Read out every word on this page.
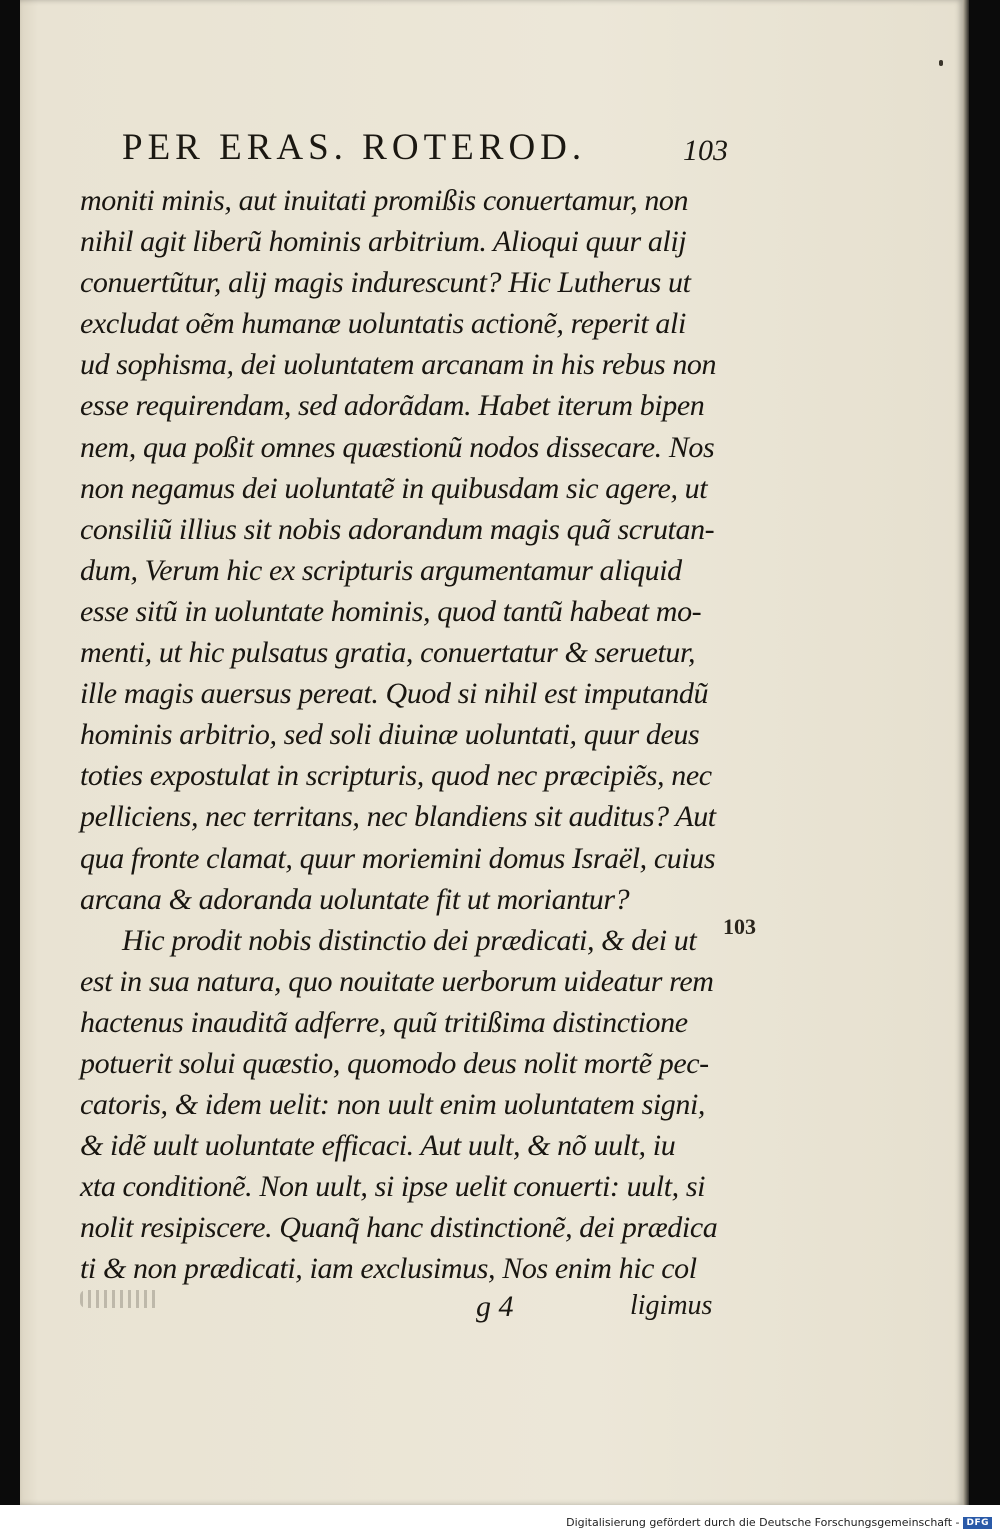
PER ERAS. ROTEROD.	103
moniti minis, aut inuitati promißis conuertamur, non
nihil agit liberũ hominis arbitrium. Alioqui quur alij
conuertũtur, alij magis indurescunt? Hic Lutherus ut
excludat oẽm humanæ uoluntatis actionẽ, reperit ali
ud sophisma, dei uoluntatem arcanam in his rebus non
esse requirendam, sed adorãdam. Habet iterum bipen
nem, qua poßit omnes quæstionũ nodos dissecare. Nos
non negamus dei uoluntatẽ in quibusdam sic agere, ut
consiliũ illius sit nobis adorandum magis quã scrutan-
dum, Verum hic ex scripturis argumentamur aliquid
esse sitũ in uoluntate hominis, quod tantũ habeat mo-
menti, ut hic pulsatus gratia, conuertatur & seruetur,
ille magis auersus pereat. Quod si nihil est imputandũ
hominis arbitrio, sed soli diuinæ uoluntati, quur deus
toties expostulat in scripturis, quod nec præcipiẽs, nec
pelliciens, nec territans, nec blandiens sit auditus? Aut
qua fronte clamat, quur moriemini domus Israël, cuius
arcana & adoranda uoluntate fit ut moriantur?
Hic prodit nobis distinctio dei prædicati, & dei ut
est in sua natura, quo nouitate uerborum uideatur rem
hactenus inauditã adferre, quũ tritißima distinctione
potuerit solui quæstio, quomodo deus nolit mortẽ pec-
catoris, & idem uelit: non uult enim uoluntatem signi,
& idẽ uult uoluntate efficaci. Aut uult, & nõ uult, iu
xta conditionẽ. Non uult, si ipse uelit conuerti: uult, si
nolit resipiscere. Quanq̃ hanc distinctionẽ, dei prædica
ti & non prædicati, iam exclusimus, Nos enim hic col
103
g 4	ligimus
Digitalisierung gefördert durch die Deutsche Forschungsgemeinschaft - DFG
